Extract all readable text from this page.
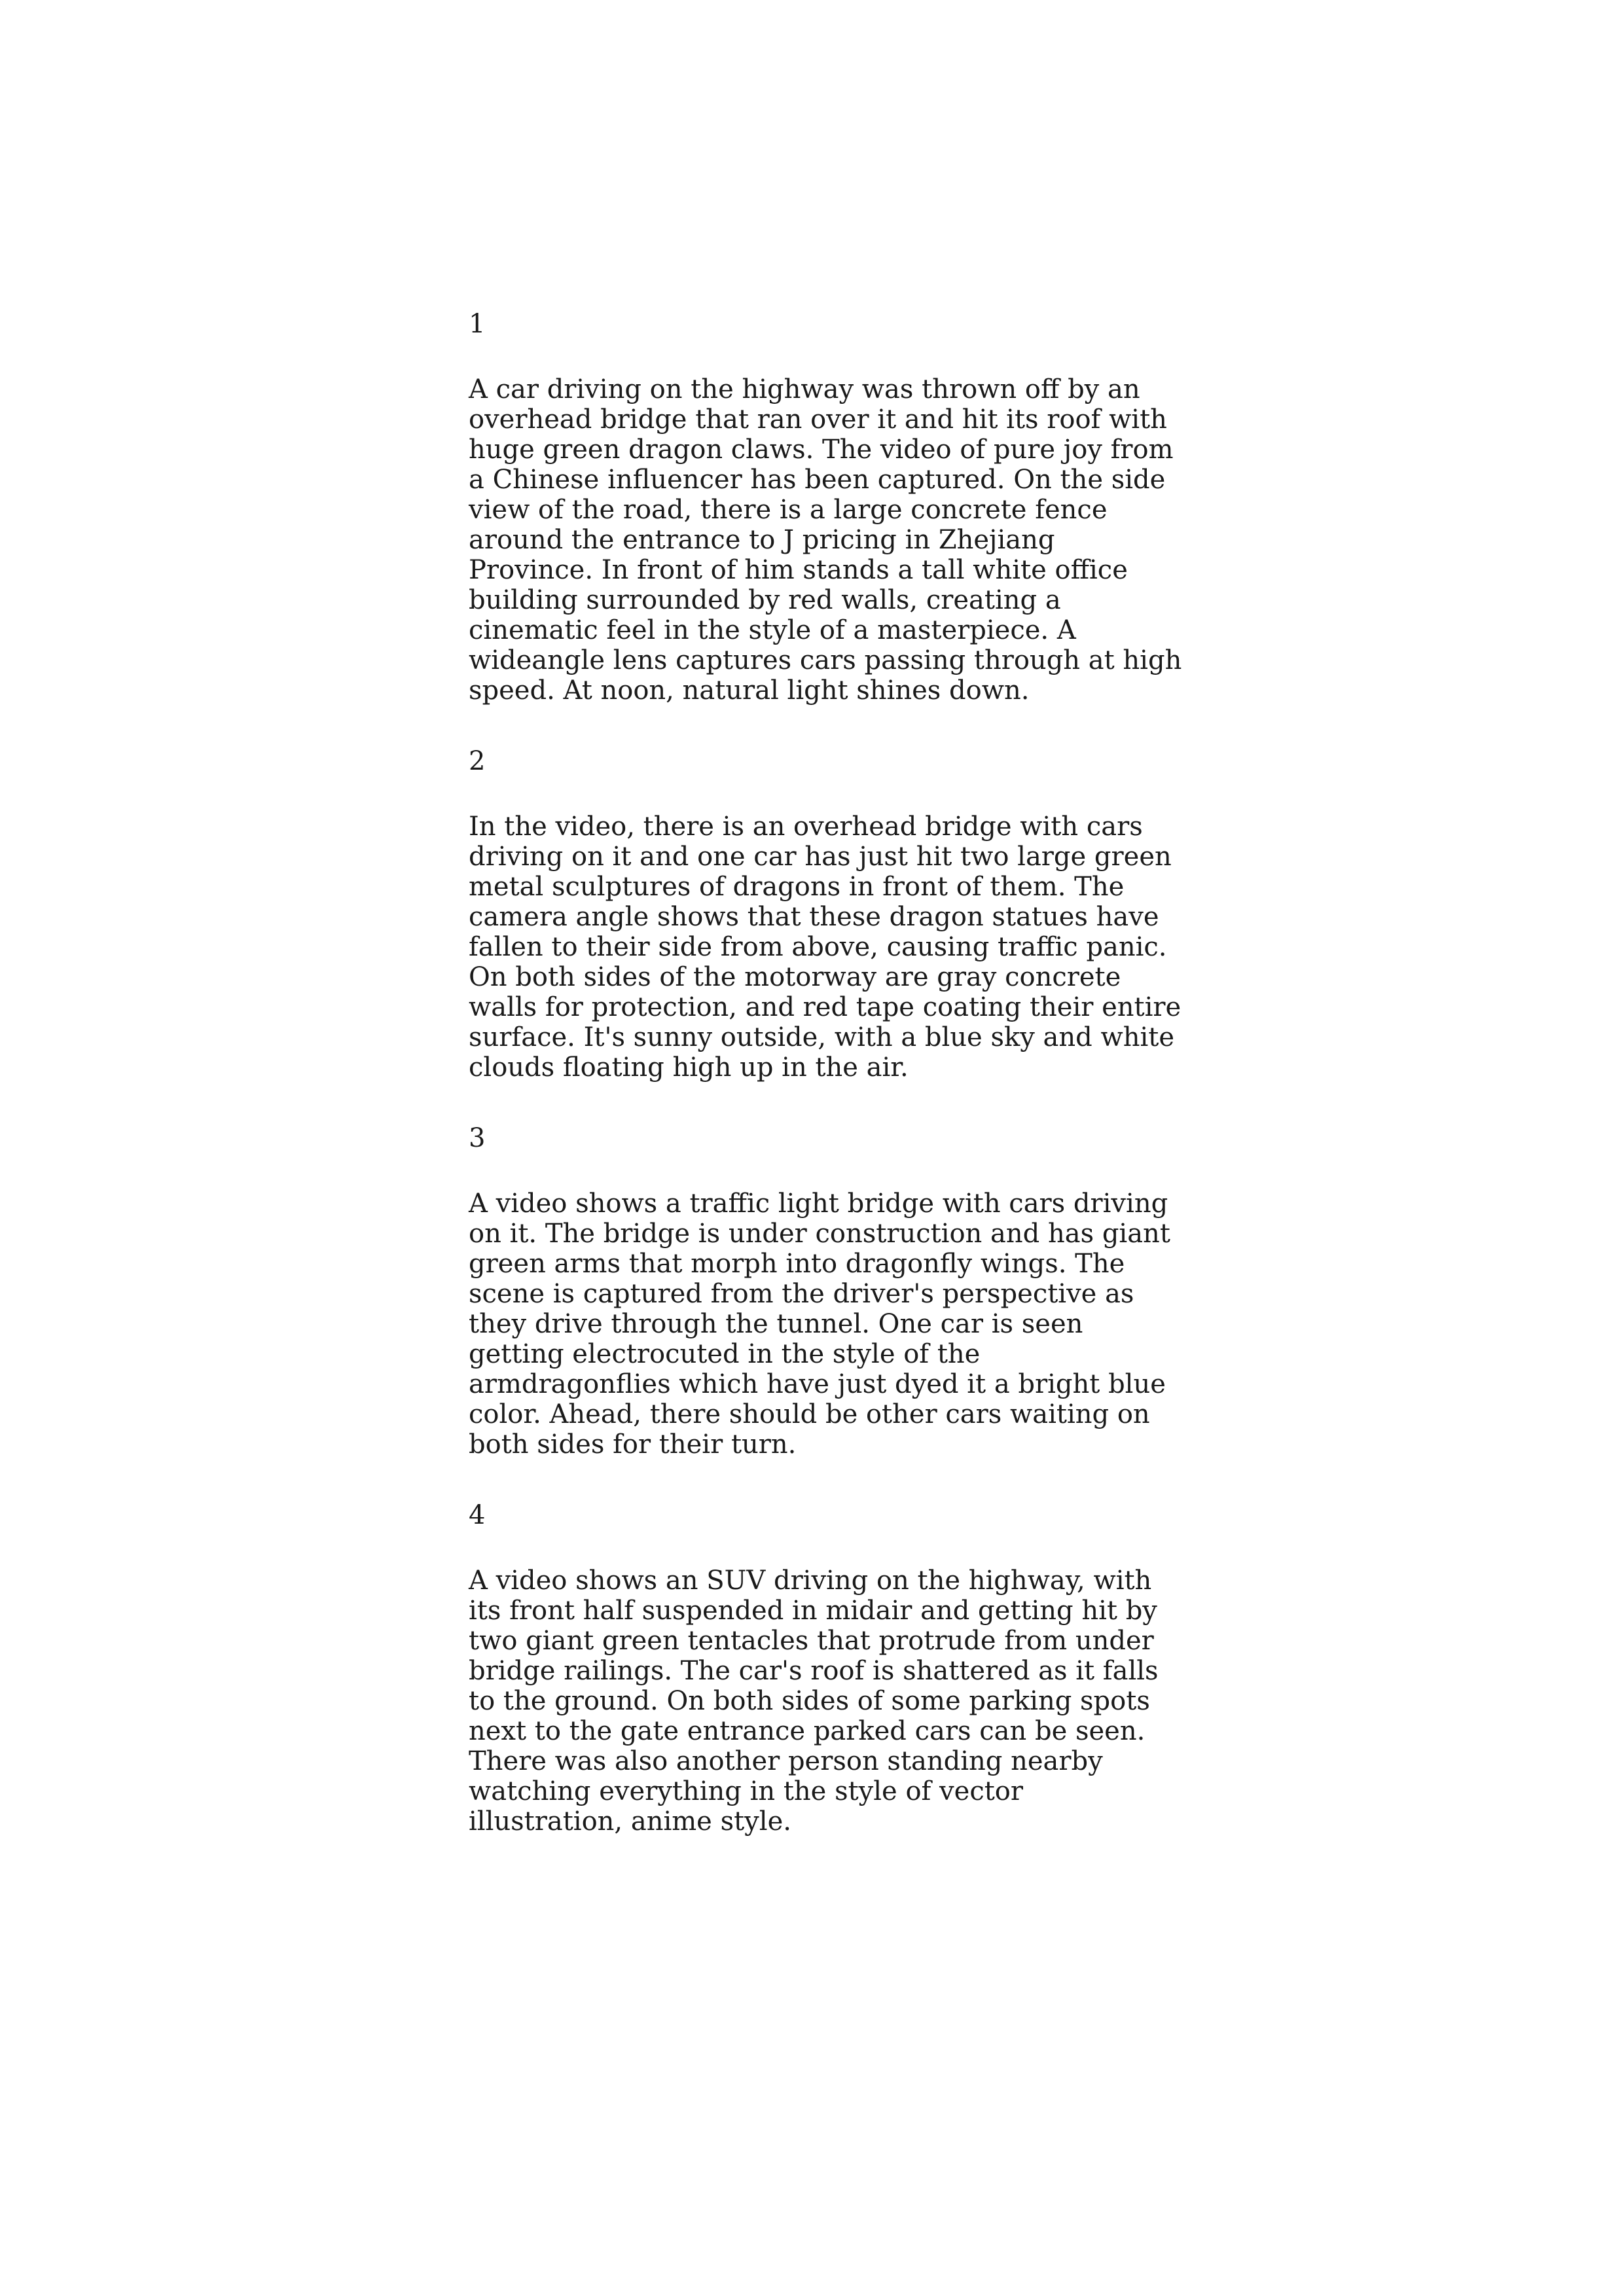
1

A car driving on the highway was thrown off by an overhead bridge that ran over it and hit its roof with huge green dragon claws. The video of pure joy from a Chinese influencer has been captured. On the side view of the road, there is a large concrete fence around the entrance to J pricing in Zhejiang Province. In front of him stands a tall white office building surrounded by red walls, creating a cinematic feel in the style of a masterpiece. A wideangle lens captures cars passing through at high speed. At noon, natural light shines down.

2

In the video, there is an overhead bridge with cars driving on it and one car has just hit two large green metal sculptures of dragons in front of them. The camera angle shows that these dragon statues have fallen to their side from above, causing traffic panic. On both sides of the motorway are gray concrete walls for protection, and red tape coating their entire surface. It's sunny outside, with a blue sky and white clouds floating high up in the air.

3

A video shows a traffic light bridge with cars driving on it. The bridge is under construction and has giant green arms that morph into dragonfly wings. The scene is captured from the driver's perspective as they drive through the tunnel. One car is seen getting electrocuted in the style of the armdragonflies which have just dyed it a bright blue color. Ahead, there should be other cars waiting on both sides for their turn.

4

A video shows an SUV driving on the highway, with its front half suspended in midair and getting hit by two giant green tentacles that protrude from under bridge railings. The car's roof is shattered as it falls to the ground. On both sides of some parking spots next to the gate entrance parked cars can be seen. There was also another person standing nearby watching everything in the style of vector illustration, anime style.
